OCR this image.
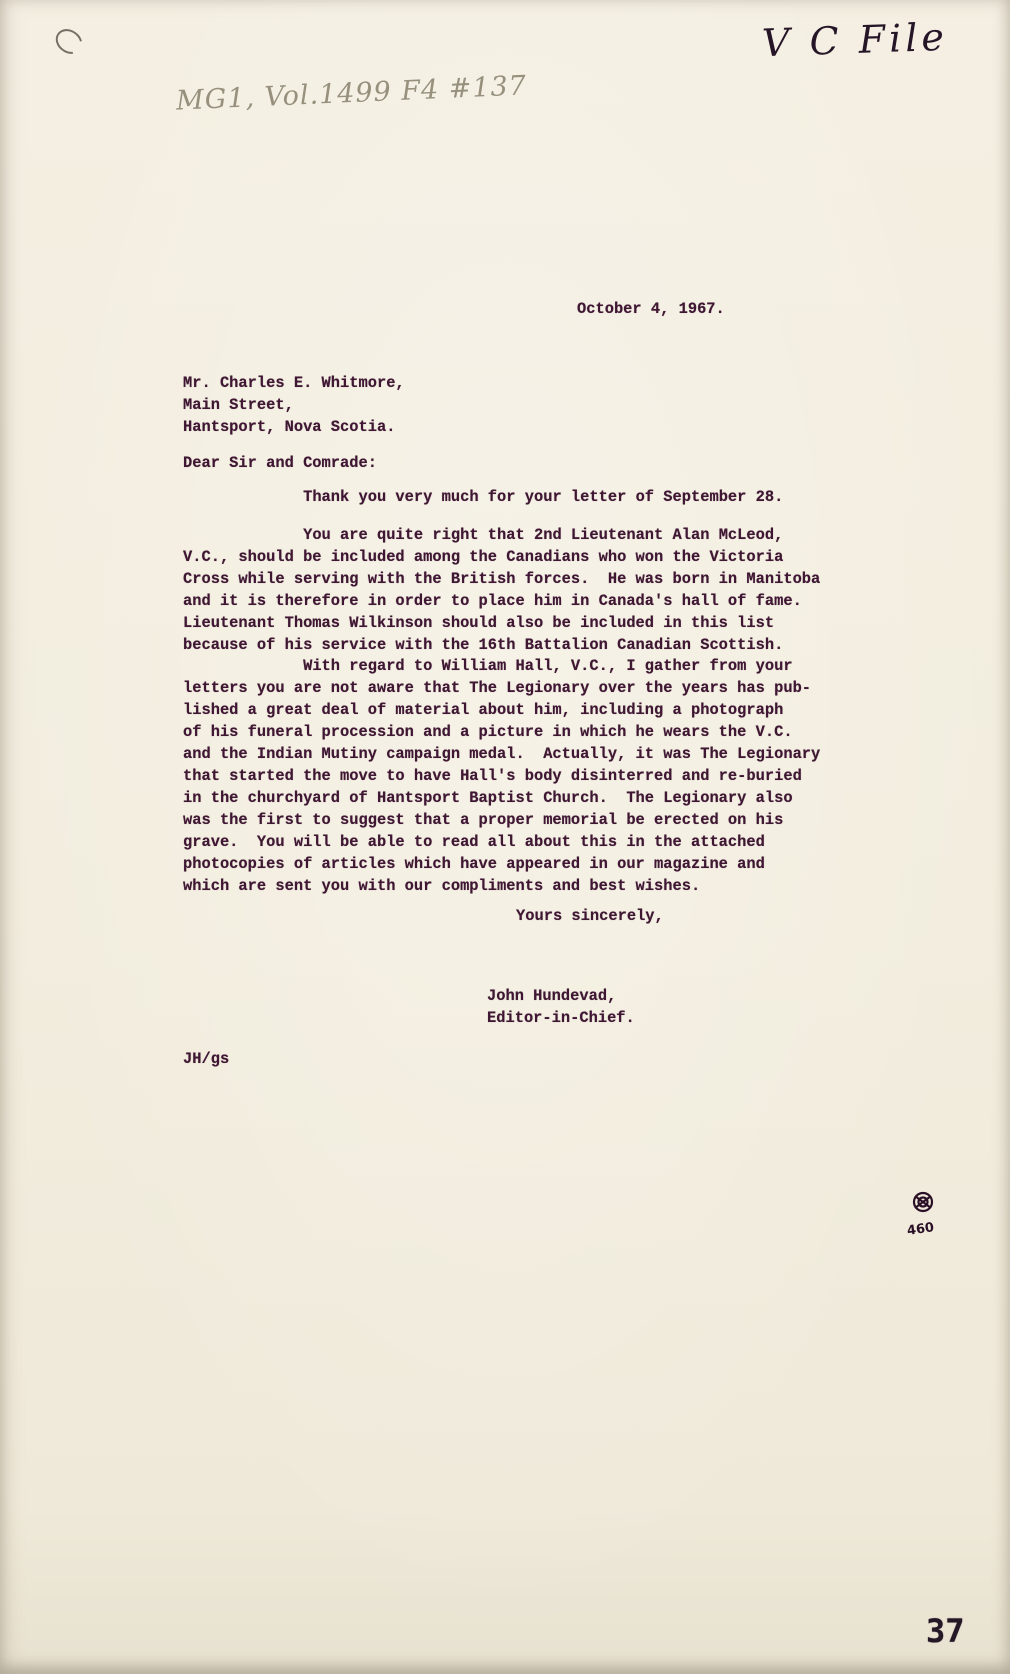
V C File
MG1, Vol.1499 F4 #137
October 4, 1967.
Mr. Charles E. Whitmore,
Main Street,
Hantsport, Nova Scotia.
Dear Sir and Comrade:
Thank you very much for your letter of September 28.
You are quite right that 2nd Lieutenant Alan McLeod,
V.C., should be included among the Canadians who won the Victoria
Cross while serving with the British forces.  He was born in Manitoba
and it is therefore in order to place him in Canada's hall of fame.
Lieutenant Thomas Wilkinson should also be included in this list
because of his service with the 16th Battalion Canadian Scottish.
With regard to William Hall, V.C., I gather from your
letters you are not aware that The Legionary over the years has pub-
lished a great deal of material about him, including a photograph
of his funeral procession and a picture in which he wears the V.C.
and the Indian Mutiny campaign medal.  Actually, it was The Legionary
that started the move to have Hall's body disinterred and re-buried
in the churchyard of Hantsport Baptist Church.  The Legionary also
was the first to suggest that a proper memorial be erected on his
grave.  You will be able to read all about this in the attached
photocopies of articles which have appeared in our magazine and
which are sent you with our compliments and best wishes.
Yours sincerely,
John Hundevad,
Editor-in-Chief.
JH/gs
460
37
